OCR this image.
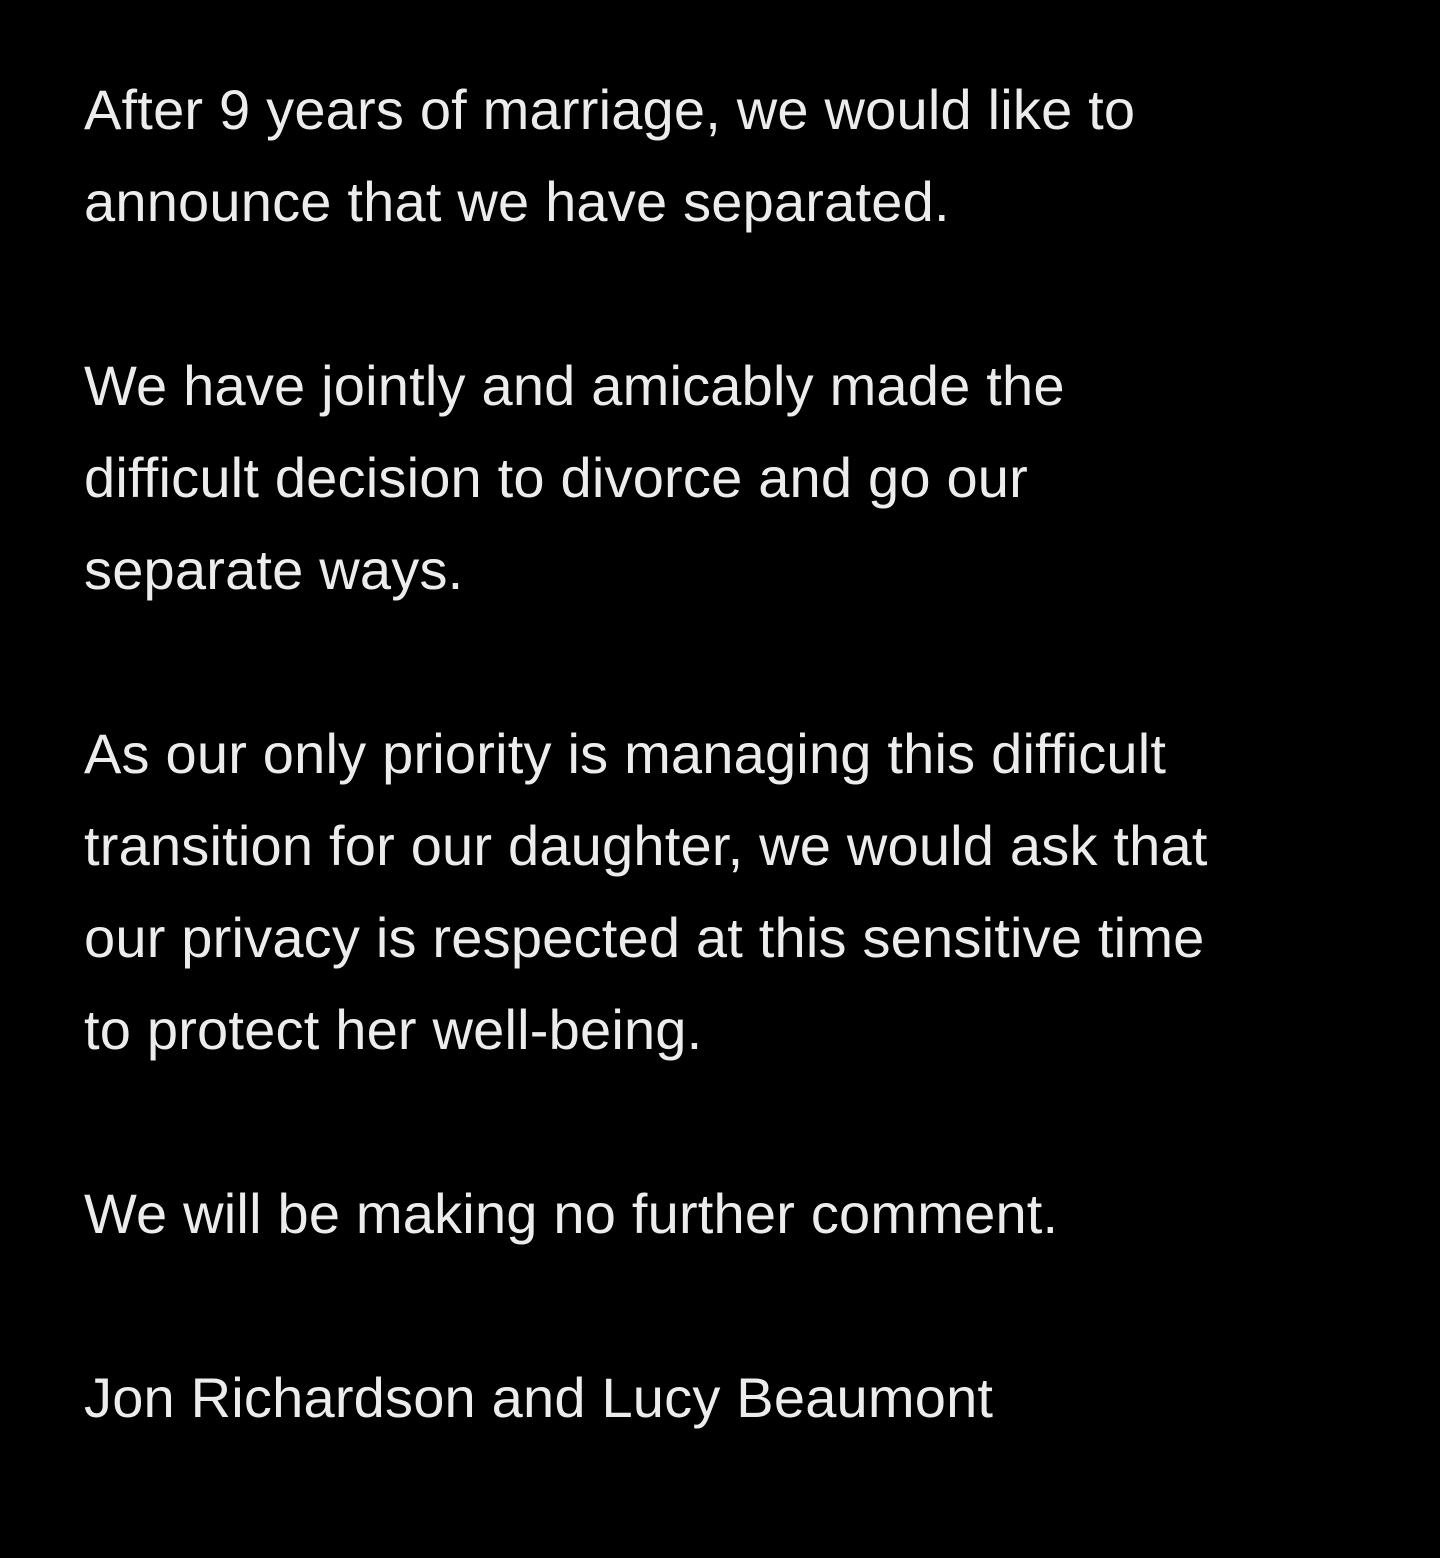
After 9 years of marriage, we would like to
announce that we have separated.

We have jointly and amicably made the
difficult decision to divorce and go our
separate ways.

As our only priority is managing this difficult
transition for our daughter, we would ask that
our privacy is respected at this sensitive time
to protect her well-being.

We will be making no further comment.

Jon Richardson and Lucy Beaumont
